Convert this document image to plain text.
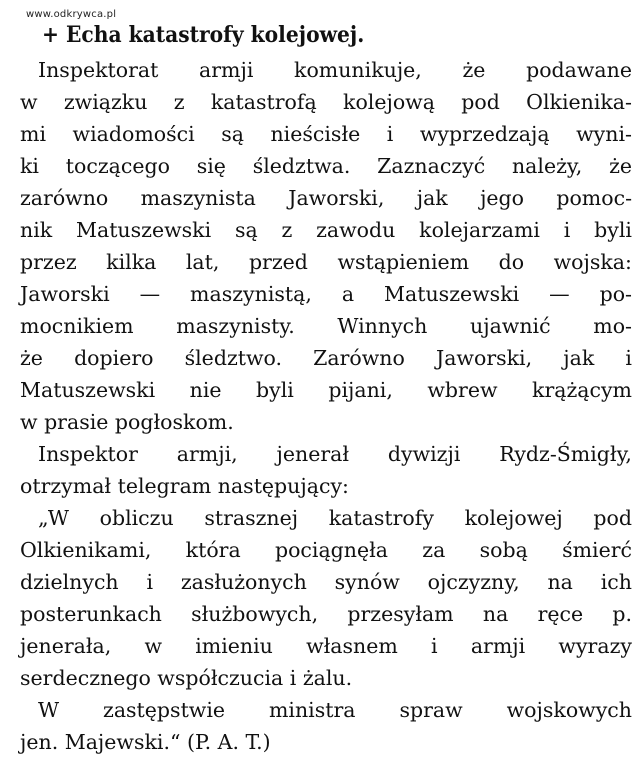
www.odkrywca.pl
+ Echa katastrofy kolejowej.
Inspektorat armji komunikuje, że podawane
w związku z katastrofą kolejową pod Olkienika-
mi wiadomości są nieścisłe i wyprzedzają wyni-
ki toczącego się śledztwa. Zaznaczyć należy, że
zarówno maszynista Jaworski, jak jego pomoc-
nik Matuszewski są z zawodu kolejarzami i byli
przez kilka lat, przed wstąpieniem do wojska:
Jaworski — maszynistą, a Matuszewski — po-
mocnikiem maszynisty. Winnych ujawnić mo-
że dopiero śledztwo. Zarówno Jaworski, jak i
Matuszewski nie byli pijani, wbrew krążącym
w prasie pogłoskom.
Inspektor armji, jenerał dywizji Rydz-Śmigły,
otrzymał telegram następujący:
„W obliczu strasznej katastrofy kolejowej pod
Olkienikami, która pociągnęła za sobą śmierć
dzielnych i zasłużonych synów ojczyzny, na ich
posterunkach służbowych, przesyłam na ręce p.
jenerała, w imieniu własnem i armji wyrazy
serdecznego współczucia i żalu.
W zastępstwie ministra spraw wojskowych
jen. Majewski.“ (P. A. T.)
